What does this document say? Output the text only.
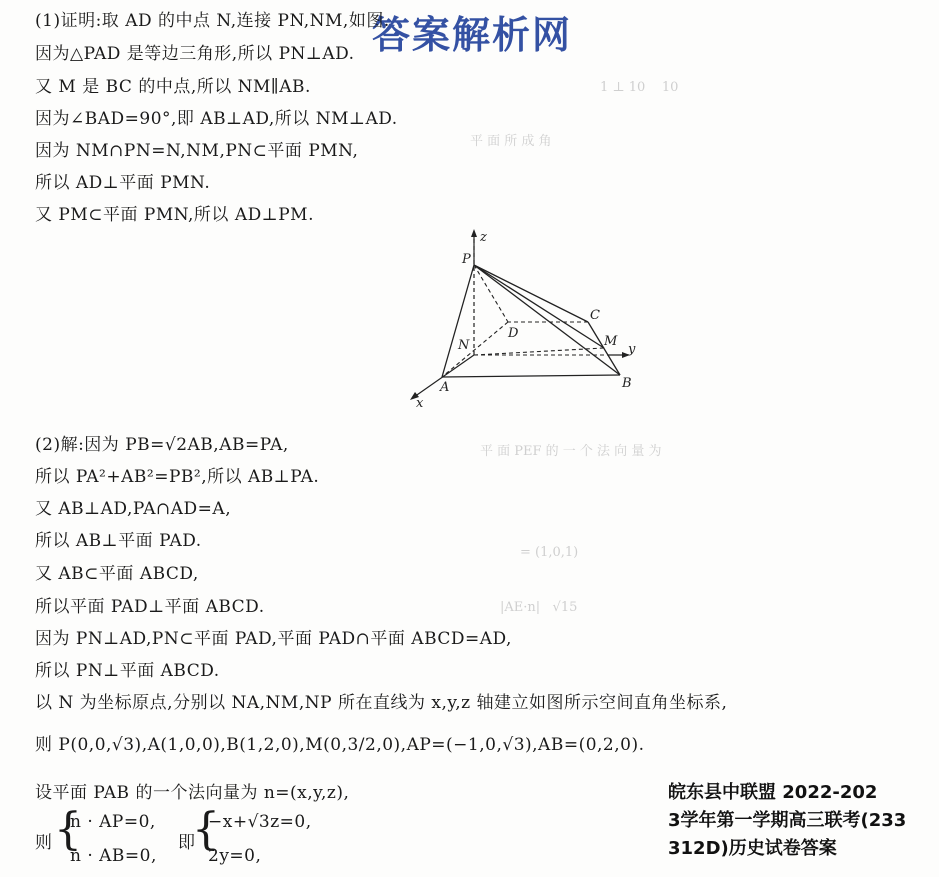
1 ⊥ 10    10
平 面 所 成 角
平 面 PEF 的 一 个 法 向 量 为
= (1,0,1)
|AE·n|   √15
答案解析网
(1)证明:取 AD 的中点 N,连接 PN,NM,如图.
因为△PAD 是等边三角形,所以 PN⊥AD.
又 M 是 BC 的中点,所以 NM∥AB.
因为∠BAD=90°,即 AB⊥AD,所以 NM⊥AD.
因为 NM∩PN=N,NM,PN⊂平面 PMN,
所以 AD⊥平面 PMN.
又 PM⊂平面 PMN,所以 AD⊥PM.
z
P
C
D
M
y
N
A	B
x
(2)解:因为 PB=√2AB,AB=PA,
所以 PA²+AB²=PB²,所以 AB⊥PA.
又 AB⊥AD,PA∩AD=A,
所以 AB⊥平面 PAD.
又 AB⊂平面 ABCD,
所以平面 PAD⊥平面 ABCD.
因为 PN⊥AD,PN⊂平面 PAD,平面 PAD∩平面 ABCD=AD,
所以 PN⊥平面 ABCD.
以 N 为坐标原点,分别以 NA,NM,NP 所在直线为 x,y,z 轴建立如图所示空间直角坐标系,
则 P(0,0,√3),A(1,0,0),B(1,2,0),M(0,3/2,0),AP=(−1,0,√3),AB=(0,2,0).
设平面 PAB 的一个法向量为 n=(x,y,z),
则 {
n · AP=0,
n · AB=0,
即
{
−x+√3z=0,
2y=0,
皖东县中联盟 2022-202
3学年第一学期高三联考(233
312D)历史试卷答案
